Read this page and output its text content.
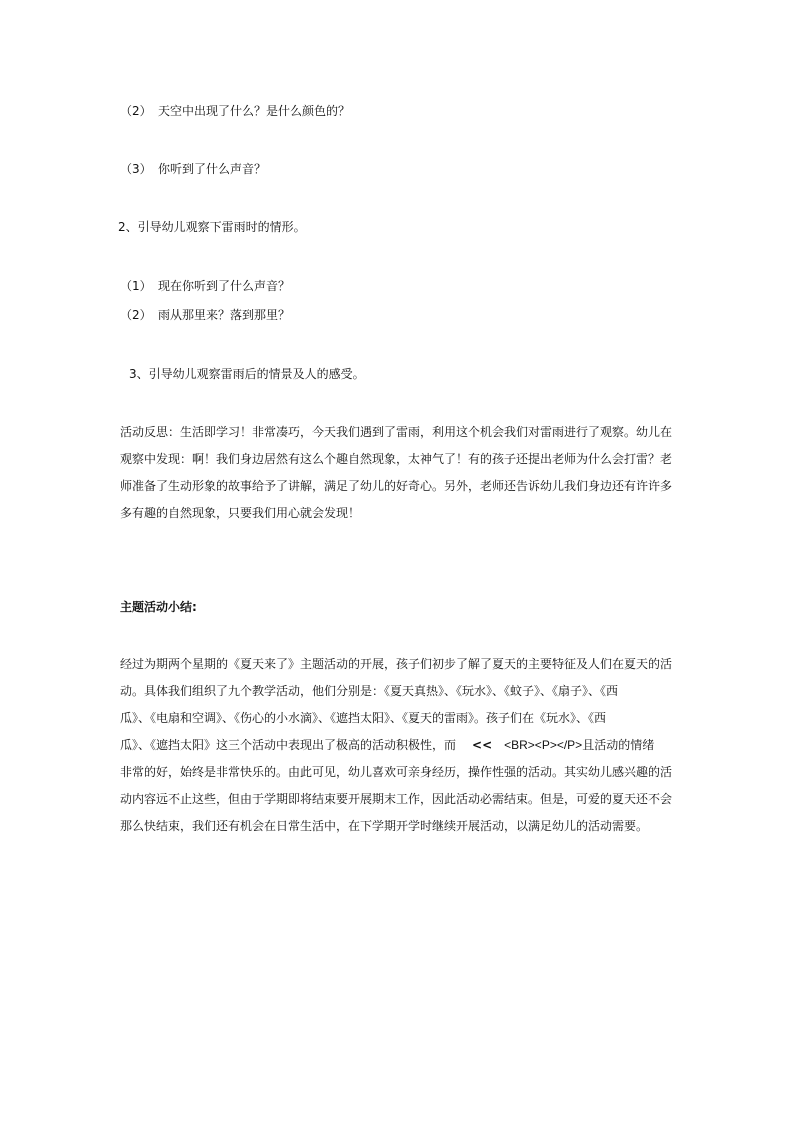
（2） 天空中出现了什么？是什么颜色的？
（3） 你听到了什么声音？
2、引导幼儿观察下雷雨时的情形。
（1） 现在你听到了什么声音？
（2） 雨从那里来？落到那里？
3、引导幼儿观察雷雨后的情景及人的感受。
活动反思：生活即学习！非常凑巧，今天我们遇到了雷雨，利用这个机会我们对雷雨进行了观察。幼儿在
观察中发现：啊！我们身边居然有这么个趣自然现象，太神气了！有的孩子还提出老师为什么会打雷？老
师准备了生动形象的故事给予了讲解，满足了幼儿的好奇心。另外，老师还告诉幼儿我们身边还有许许多
多有趣的自然现象，只要我们用心就会发现！
主题活动小结:
经过为期两个星期的《夏天来了》主题活动的开展，孩子们初步了解了夏天的主要特征及人们在夏天的活
动。具体我们组织了九个教学活动，他们分别是：《夏天真热》、《玩水》、《蚊子》、《扇子》、《西
瓜》、《电扇和空调》、《伤心的小水滴》、《遮挡太阳》、《夏天的雷雨》。孩子们在《玩水》、《西
瓜》、《遮挡太阳》这三个活动中表现出了极高的活动积极性，而 << <BR><P></P>且活动的情绪
非常的好，始终是非常快乐的。由此可见，幼儿喜欢可亲身经历，操作性强的活动。其实幼儿感兴趣的活
动内容远不止这些，但由于学期即将结束要开展期末工作，因此活动必需结束。但是，可爱的夏天还不会
那么快结束，我们还有机会在日常生活中，在下学期开学时继续开展活动，以满足幼儿的活动需要。
